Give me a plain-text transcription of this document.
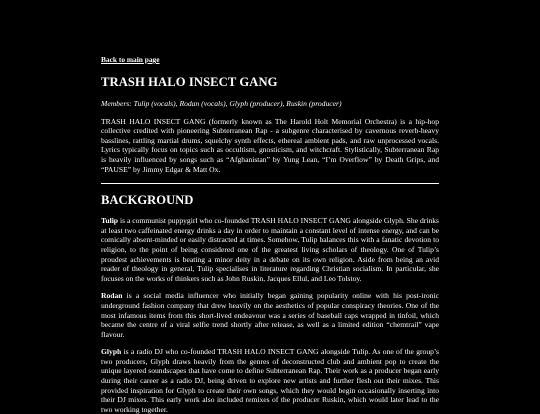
Back to main page
TRASH HALO INSECT GANG
Members: Tulip (vocals), Rodan (vocals), Glyph (producer), Ruskin (producer)

TRASH HALO INSECT GANG (formerly known as The Harold Holt Memorial Orchestra) is a hip-hop collective credited with pioneering Subterranean Rap - a subgenre characterised by cavernous reverb-heavy basslines, rattling martial drums, squelchy synth effects, ethereal ambient pads, and raw unprocessed vocals. Lyrics typically focus on topics such as occultism, gnosticism, and witchcraft. Stylistically, Subterranean Rap is heavily influenced by songs such as “Afghanistan” by Yung Lean, “I’m Overflow” by Death Grips, and “PAUSE” by Jimmy Edgar & Matt Ox.

BACKGROUND

Tulip is a communist puppygirl who co-founded TRASH HALO INSECT GANG alongside Glyph. She drinks at least two caffeinated energy drinks a day in order to maintain a constant level of intense energy, and can be comically absent-minded or easily distracted at times. Somehow, Tulip balances this with a fanatic devotion to religion, to the point of being considered one of the greatest living scholars of theology. One of Tulip’s proudest achievements is beating a minor deity in a debate on its own religion. Aside from being an avid reader of theology in general, Tulip specialises in literature regarding Christian socialism. In particular, she focuses on the works of thinkers such as John Ruskin, Jacques Ellul, and Leo Tolstoy.

Rodan is a social media influencer who initially began gaining popularity online with his post-ironic underground fashion company that drew heavily on the aesthetics of popular conspiracy theories. One of the most infamous items from this short-lived endeavour was a series of baseball caps wrapped in tinfoil, which became the centre of a viral selfie trend shortly after release, as well as a limited edition “chemtrail” vape flavour.

Glyph is a radio DJ who co-founded TRASH HALO INSECT GANG alongside Tulip. As one of the group’s two producers, Glyph draws heavily from the genres of deconstructed club and ambient pop to create the unique layered soundscapes that have come to define Subterranean Rap. Their work as a producer began early during their career as a radio DJ, being driven to explore new artists and further flesh out their mixes. This provided inspiration for Glyph to create their own songs, which they would begin occasionally inserting into their DJ mixes. This early work also included remixes of the producer Ruskin, which would later lead to the two working together.
